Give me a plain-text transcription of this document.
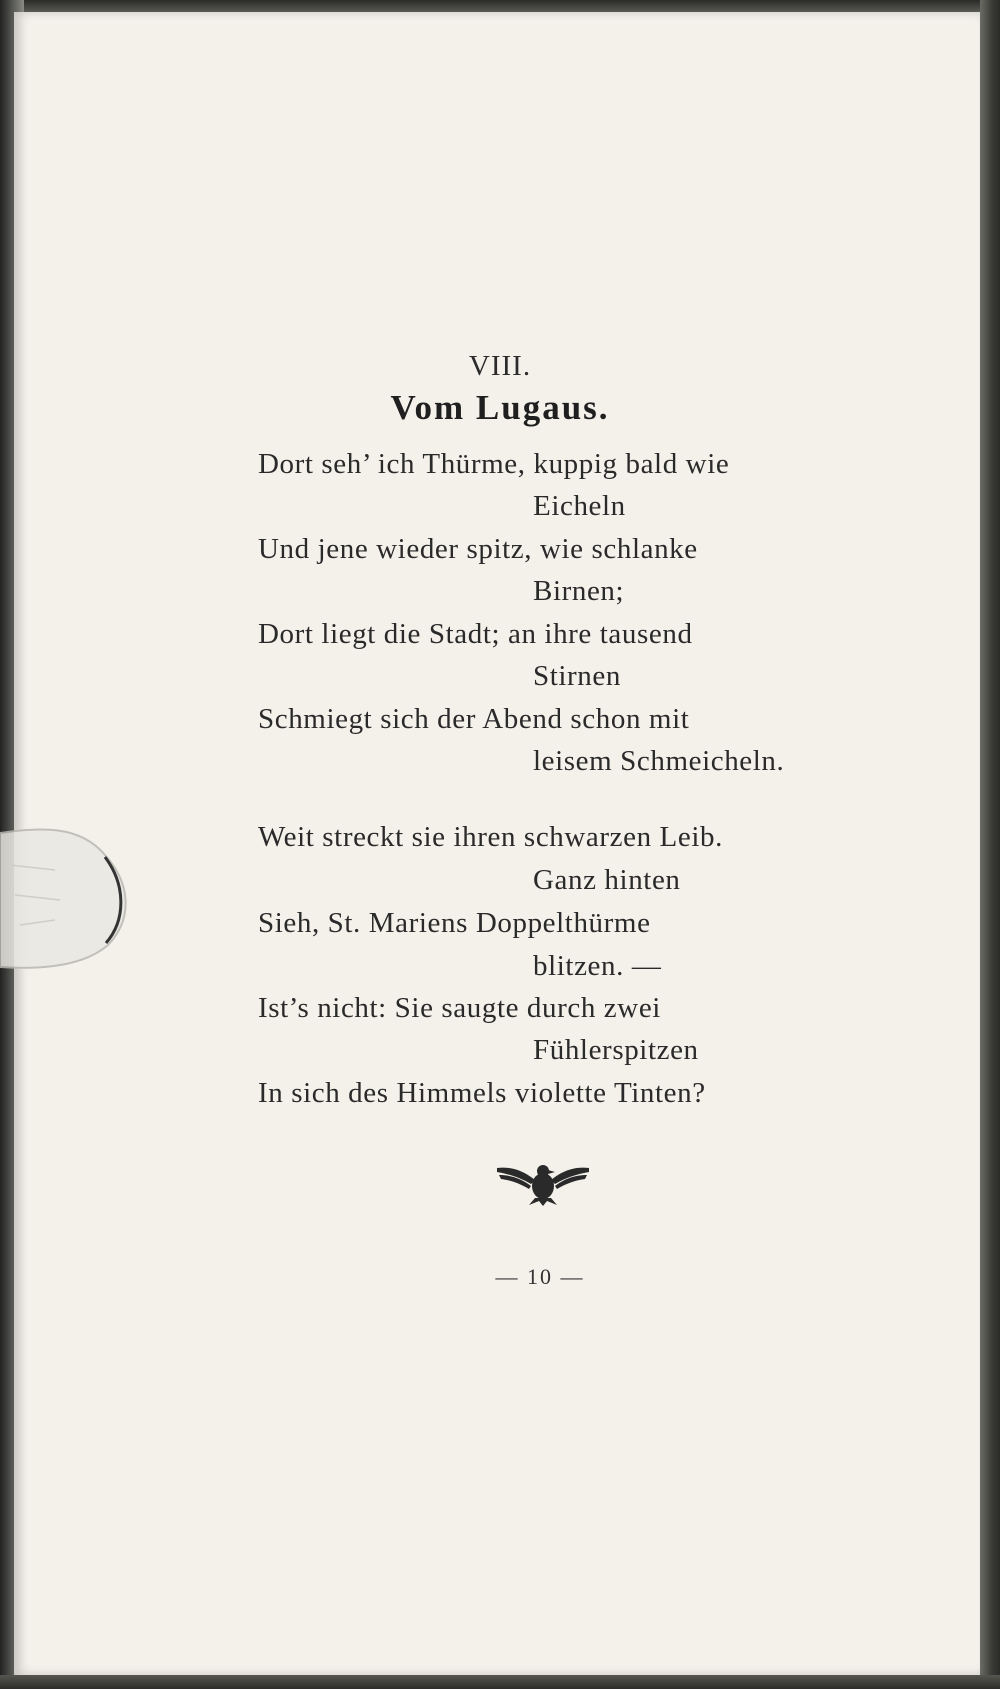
VIII.
Vom Lugaus.
Dort seh’ ich Thürme, kuppig bald wie
Eicheln
Und jene wieder spitz, wie schlanke
Birnen;
Dort liegt die Stadt; an ihre tausend
Stirnen
Schmiegt sich der Abend schon mit
leisem Schmeicheln.
Weit streckt sie ihren schwarzen Leib.
Ganz hinten
Sieh, St. Mariens Doppelthürme
blitzen. —
Ist’s nicht: Sie saugte durch zwei
Fühlerspitzen
In sich des Himmels violette Tinten?
— 10 —
